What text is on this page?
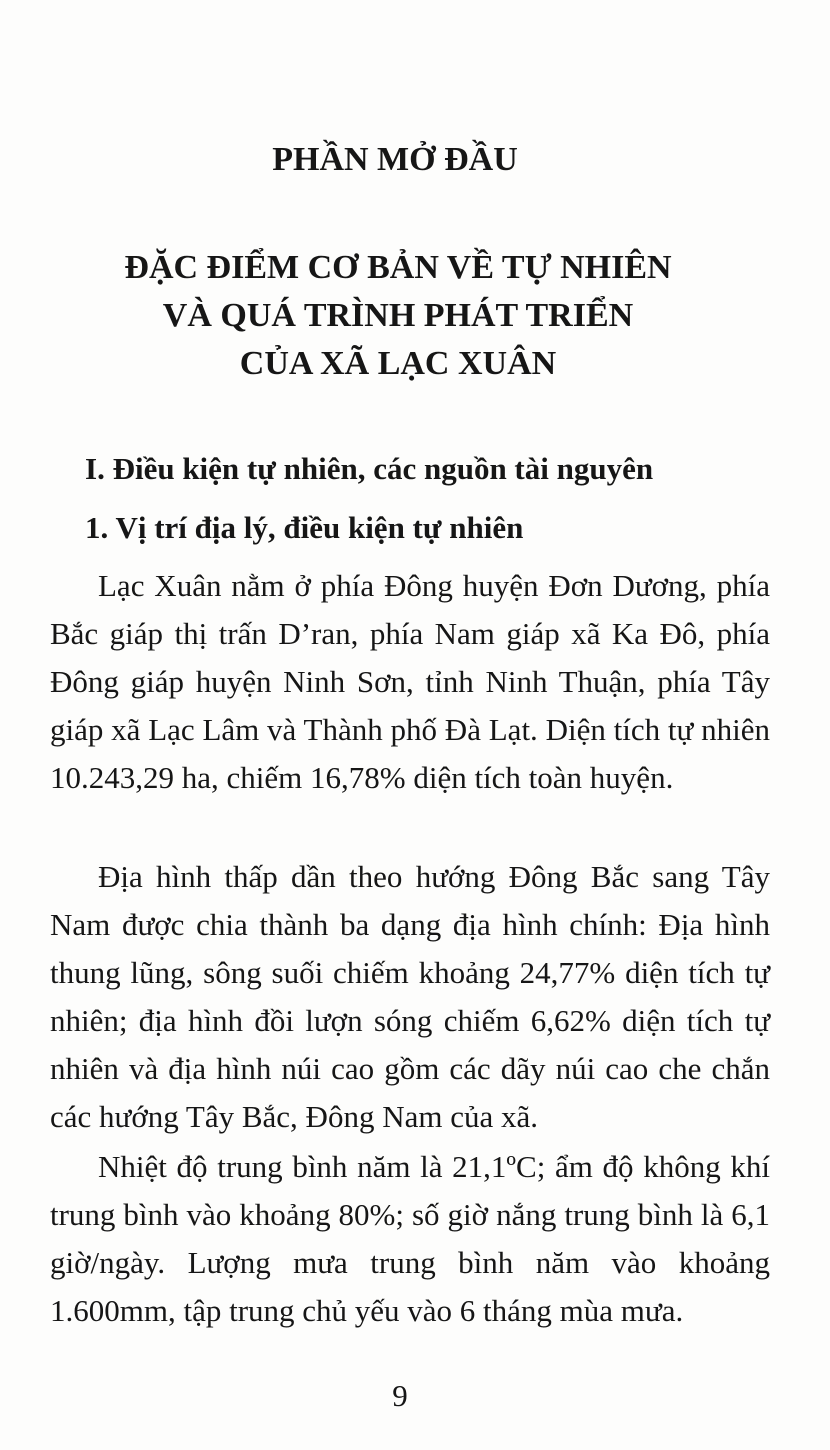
PHẦN MỞ ĐẦU
ĐẶC ĐIỂM CƠ BẢN VỀ TỰ NHIÊN
VÀ QUÁ TRÌNH PHÁT TRIỂN
CỦA XÃ LẠC XUÂN
I. Điều kiện tự nhiên, các nguồn tài nguyên
1. Vị trí địa lý, điều kiện tự nhiên

Lạc Xuân nằm ở phía Đông huyện Đơn Dương, phía Bắc giáp thị trấn D’ran, phía Nam giáp xã Ka Đô, phía Đông giáp huyện Ninh Sơn, tỉnh Ninh Thuận, phía Tây giáp xã Lạc Lâm và Thành phố Đà Lạt. Diện tích tự nhiên 10.243,29 ha, chiếm 16,78% diện tích toàn huyện.

Địa hình thấp dần theo hướng Đông Bắc sang Tây Nam được chia thành ba dạng địa hình chính: Địa hình thung lũng, sông suối chiếm khoảng 24,77% diện tích tự nhiên; địa hình đồi lượn sóng chiếm 6,62% diện tích tự nhiên và địa hình núi cao gồm các dãy núi cao che chắn các hướng Tây Bắc, Đông Nam của xã.

Nhiệt độ trung bình năm là 21,1ºC; ẩm độ không khí trung bình vào khoảng 80%; số giờ nắng trung bình là 6,1 giờ/ngày. Lượng mưa trung bình năm vào khoảng 1.600mm, tập trung chủ yếu vào 6 tháng mùa mưa.

9
